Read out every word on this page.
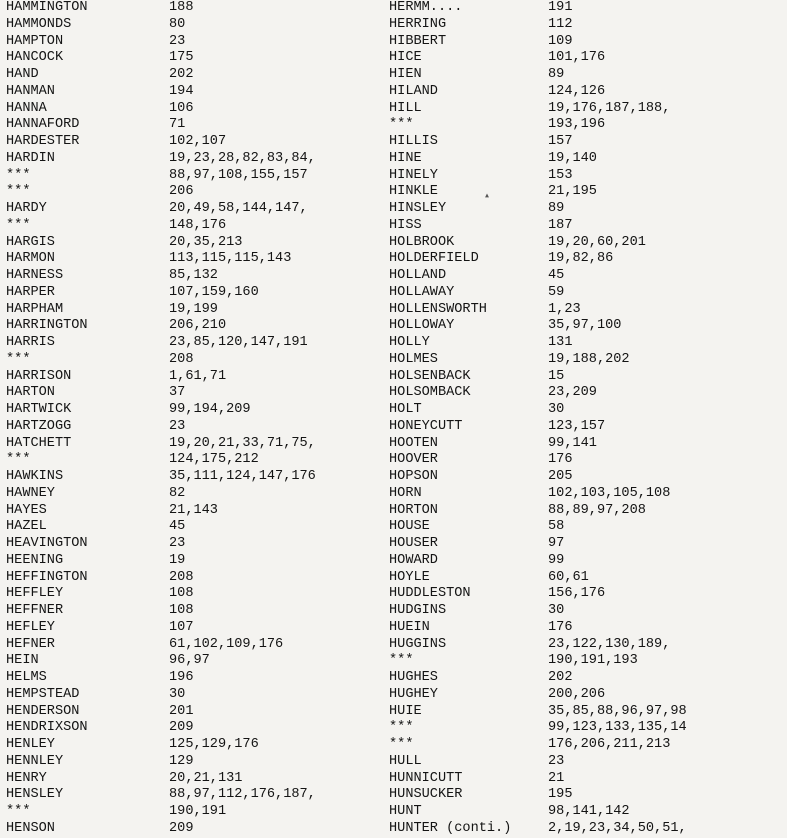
HAMMINGTON	188
HAMMONDS	80
HAMPTON	23
HANCOCK	175
HAND	202
HANMAN	194
HANNA	106
HANNAFORD	71
HARDESTER	102,107
HARDIN	19,23,28,82,83,84,
***	88,97,108,155,157
***	206
HARDY	20,49,58,144,147,
***	148,176
HARGIS	20,35,213
HARMON	113,115,115,143
HARNESS	85,132
HARPER	107,159,160
HARPHAM	19,199
HARRINGTON	206,210
HARRIS	23,85,120,147,191
***	208
HARRISON	1,61,71
HARTON	37
HARTWICK	99,194,209
HARTZOGG	23
HATCHETT	19,20,21,33,71,75,
***	124,175,212
HAWKINS	35,111,124,147,176
HAWNEY	82
HAYES	21,143
HAZEL	45
HEAVINGTON	23
HEENING	19
HEFFINGTON	208
HEFFLEY	108
HEFFNER	108
HEFLEY	107
HEFNER	61,102,109,176
HEIN	96,97
HELMS	196
HEMPSTEAD	30
HENDERSON	201
HENDRIXSON	209
HENLEY	125,129,176
HENNLEY	129
HENRY	20,21,131
HENSLEY	88,97,112,176,187,
***	190,191
HENSON	209
HERMM....	191
HERRING	112
HIBBERT	109
HICE	101,176
HIEN	89
HILAND	124,126
HILL	19,176,187,188,
***	193,196
HILLIS	157
HINE	19,140
HINELY	153
HINKLE	21,195
HINSLEY	89
HISS	187
HOLBROOK	19,20,60,201
HOLDERFIELD	19,82,86
HOLLAND	45
HOLLAWAY	59
HOLLENSWORTH	1,23
HOLLOWAY	35,97,100
HOLLY	131
HOLMES	19,188,202
HOLSENBACK	15
HOLSOMBACK	23,209
HOLT	30
HONEYCUTT	123,157
HOOTEN	99,141
HOOVER	176
HOPSON	205
HORN	102,103,105,108
HORTON	88,89,97,208
HOUSE	58
HOUSER	97
HOWARD	99
HOYLE	60,61
HUDDLESTON	156,176
HUDGINS	30
HUEIN	176
HUGGINS	23,122,130,189,
***	190,191,193
HUGHES	202
HUGHEY	200,206
HUIE	35,85,88,96,97,98
***	99,123,133,135,14
***	176,206,211,213
HULL	23
HUNNICUTT	21
HUNSUCKER	195
HUNT	98,141,142
HUNTER (conti.)	2,19,23,34,50,51,
▴
